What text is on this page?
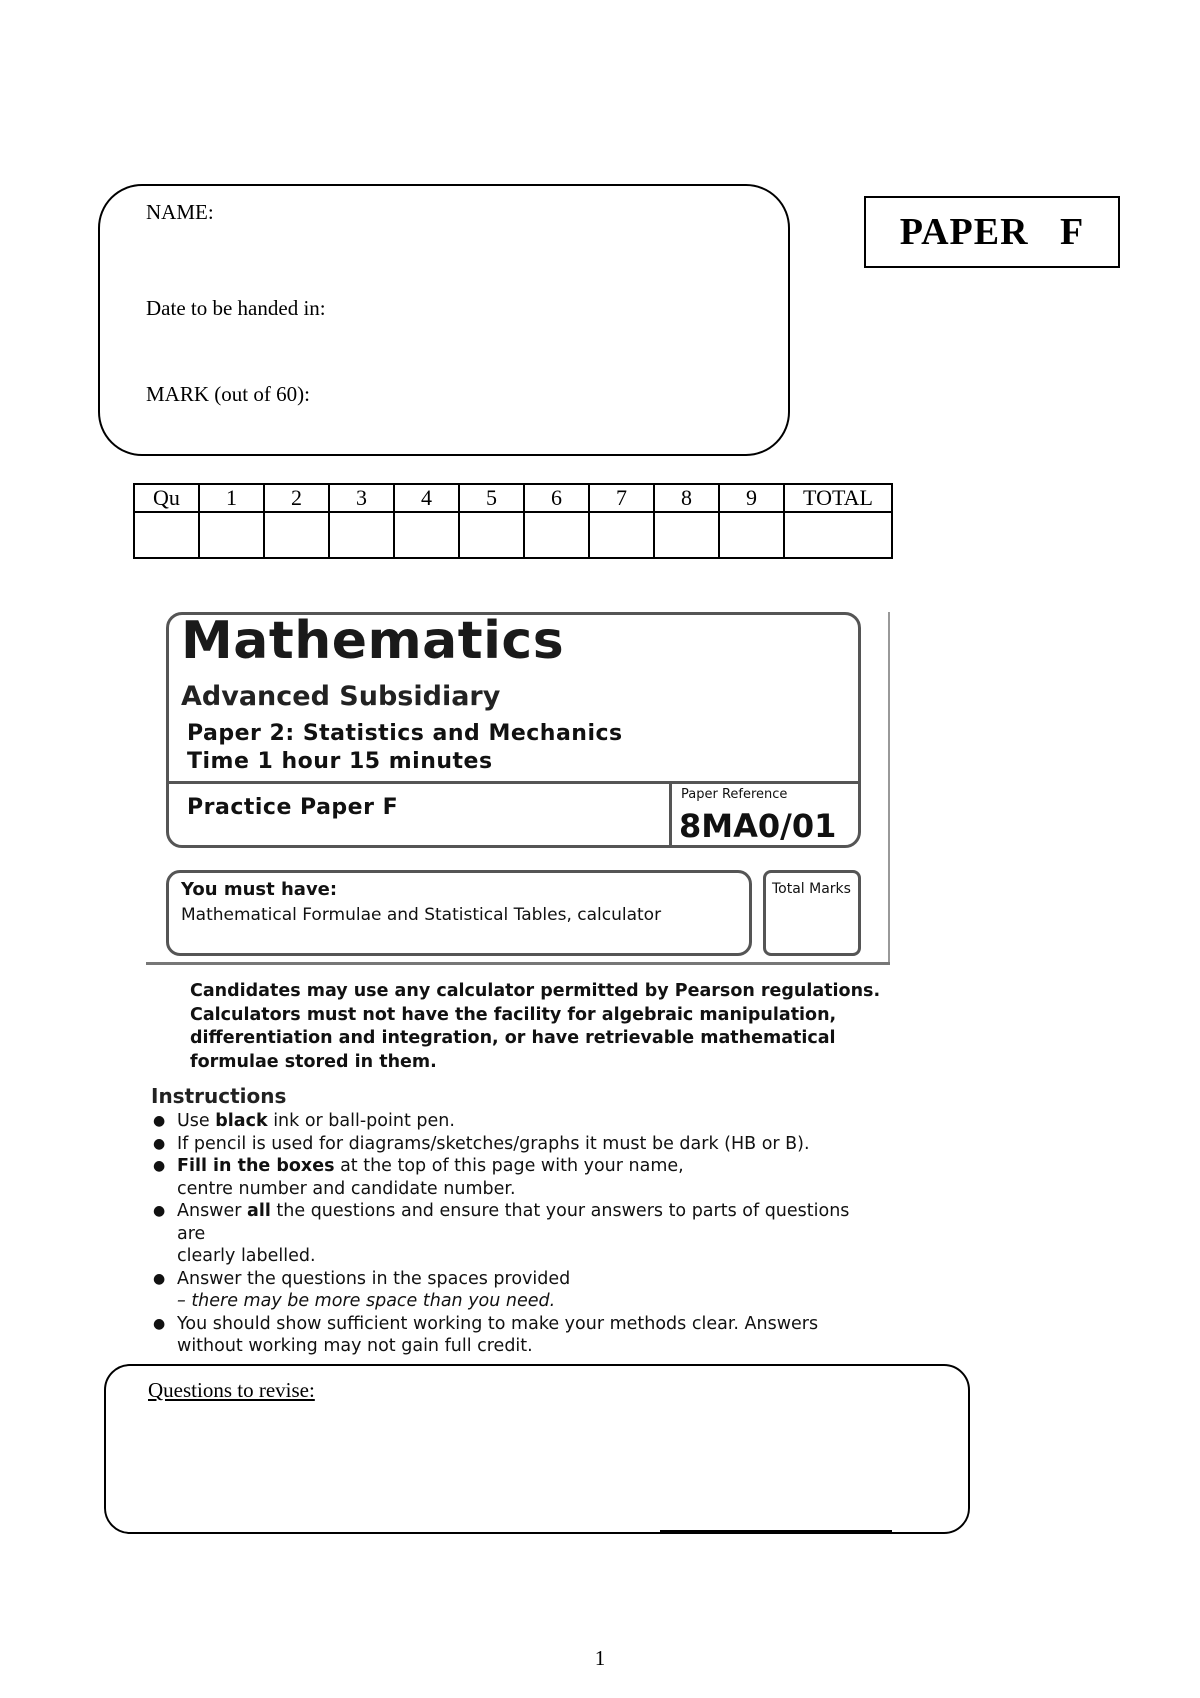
NAME:
Date to be handed in:
MARK (out of 60):
PAPER   F
Qu	1	2	3	4	5	6	7	8	9	TOTAL

Mathematics
Advanced Subsidiary
Paper 2: Statistics and Mechanics
Time 1 hour 15 minutes
Practice Paper F
Paper Reference
8MA0/01
You must have:
Mathematical Formulae and Statistical Tables, calculator
Total Marks
Candidates may use any calculator permitted by Pearson regulations.
Calculators must not have the facility for algebraic manipulation,
differentiation and integration, or have retrievable mathematical
formulae stored in them.
Instructions
● Use black ink or ball-point pen.
● If pencil is used for diagrams/sketches/graphs it must be dark (HB or B).
● Fill in the boxes at the top of this page with your name,
centre number and candidate number.
● Answer all the questions and ensure that your answers to parts of questions are
clearly labelled.
● Answer the questions in the spaces provided
– there may be more space than you need.
● You should show sufficient working to make your methods clear. Answers
without working may not gain full credit.
Questions to revise:
1
